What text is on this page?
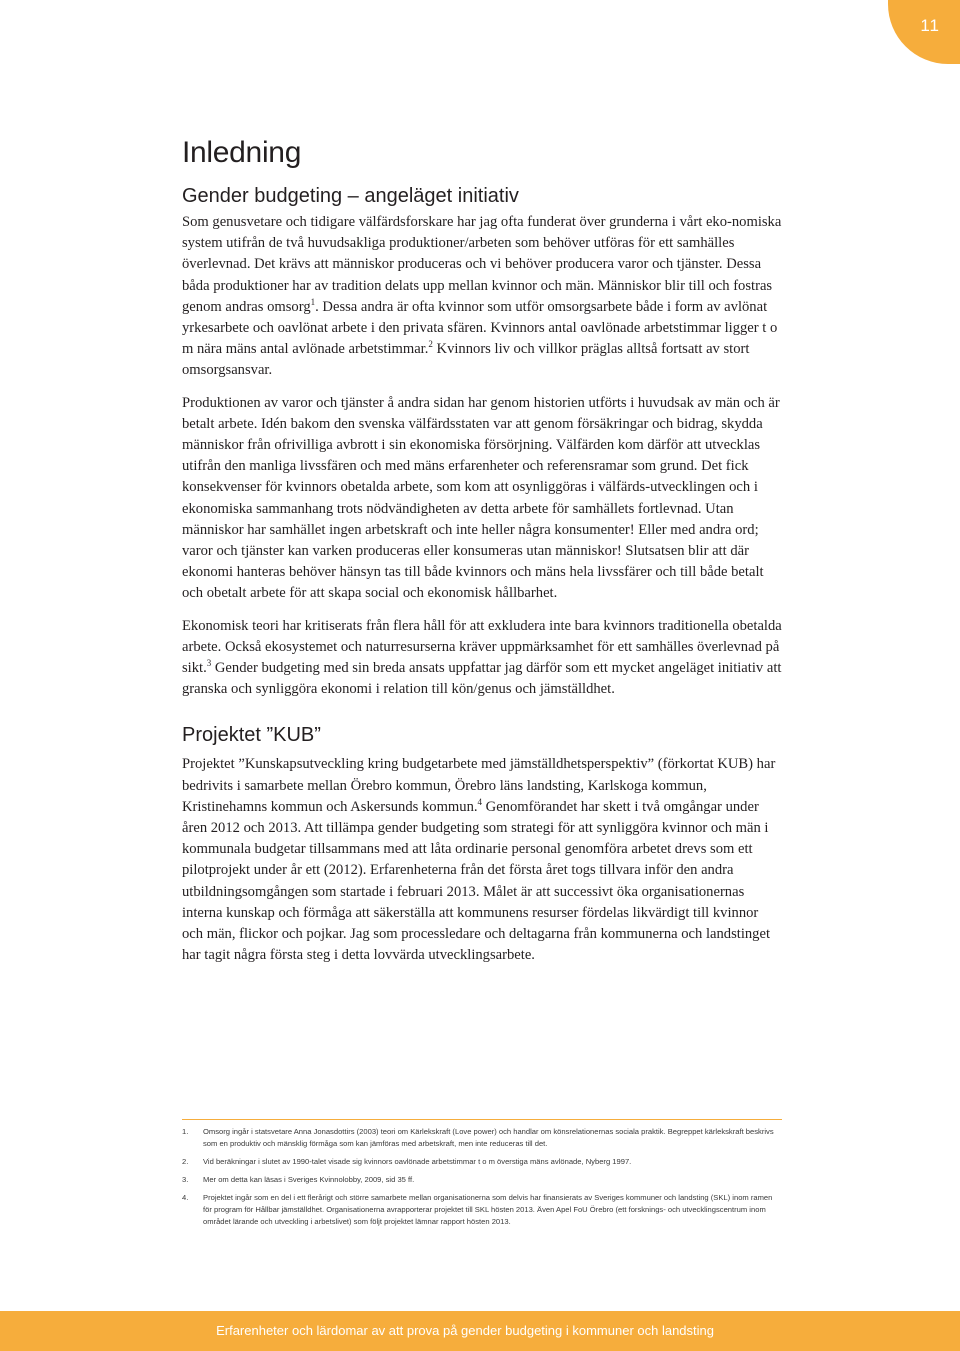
11
Inledning
Gender budgeting – angeläget initiativ

Som genusvetare och tidigare välfärdsforskare har jag ofta funderat över grunderna i vårt eko-nomiska system utifrån de två huvudsakliga produktioner/arbeten som behöver utföras för ett samhälles överlevnad. Det krävs att människor produceras och vi behöver producera varor och tjänster. Dessa båda produktioner har av tradition delats upp mellan kvinnor och män. Människor blir till och fostras genom andras omsorg$^1$. Dessa andra är ofta kvinnor som utför omsorgsarbete både i form av avlönat yrkesarbete och oavlönat arbete i den privata sfären. Kvinnors antal oavlönade arbetstimmar ligger t o m nära mäns antal avlönade arbetstimmar.$^2$ Kvinnors liv och villkor präglas alltså fortsatt av stort omsorgsansvar.

Produktionen av varor och tjänster å andra sidan har genom historien utförts i huvudsak av män och är betalt arbete. Idén bakom den svenska välfärdsstaten var att genom försäkringar och bidrag, skydda människor från ofrivilliga avbrott i sin ekonomiska försörjning. Välfärden kom därför att utvecklas utifrån den manliga livssfären och med mäns erfarenheter och referensramar som grund. Det fick konsekvenser för kvinnors obetalda arbete, som kom att osynliggöras i välfärds-utvecklingen och i ekonomiska sammanhang trots nödvändigheten av detta arbete för samhällets fortlevnad. Utan människor har samhället ingen arbetskraft och inte heller några konsumenter! Eller med andra ord; varor och tjänster kan varken produceras eller konsumeras utan människor! Slutsatsen blir att där ekonomi hanteras behöver hänsyn tas till både kvinnors och mäns hela livssfärer och till både betalt och obetalt arbete för att skapa social och ekonomisk hållbarhet.

Ekonomisk teori har kritiserats från flera håll för att exkludera inte bara kvinnors traditionella obetalda arbete. Också ekosystemet och naturresurserna kräver uppmärksamhet för ett samhälles överlevnad på sikt.$^3$ Gender budgeting med sin breda ansats uppfattar jag därför som ett mycket angeläget initiativ att granska och synliggöra ekonomi i relation till kön/genus och jämställdhet.

Projektet ”KUB”

Projektet ”Kunskapsutveckling kring budgetarbete med jämställdhetsperspektiv” (förkortat KUB) har bedrivits i samarbete mellan Örebro kommun, Örebro läns landsting, Karlskoga kommun, Kristinehamns kommun och Askersunds kommun.$^4$ Genomförandet har skett i två omgångar under åren 2012 och 2013. Att tillämpa gender budgeting som strategi för att synliggöra kvinnor och män i kommunala budgetar tillsammans med att låta ordinarie personal genomföra arbetet drevs som ett pilotprojekt under år ett (2012). Erfarenheterna från det första året togs tillvara inför den andra utbildningsomgången som startade i februari 2013. Målet är att successivt öka organisationernas interna kunskap och förmåga att säkerställa att kommunens resurser fördelas likvärdigt till kvinnor och män, flickor och pojkar. Jag som processledare och deltagarna från kommunerna och landstinget har tagit några första steg i detta lovvärda utvecklingsarbete.

1.	Omsorg ingår i statsvetare Anna Jonasdottirs (2003) teori om Kärlekskraft (Love power) och handlar om könsrelationernas sociala praktik. Begreppet kärlekskraft beskrivs som en produktiv och mänsklig förmåga som kan jämföras med arbetskraft, men inte reduceras till det.
2.	Vid beräkningar i slutet av 1990-talet visade sig kvinnors oavlönade arbetstimmar t o m överstiga mäns avlönade, Nyberg 1997.
3.	Mer om detta kan läsas i Sveriges Kvinnolobby, 2009, sid 35 ff.
4.	Projektet ingår som en del i ett flerårigt och större samarbete mellan organisationerna som delvis har finansierats av Sveriges kommuner och landsting (SKL) inom ramen för program för Hållbar jämställdhet. Organisationerna avrapporterar projektet till SKL hösten 2013. Även Apel FoU Örebro (ett forsknings- och utvecklingscentrum inom området lärande och utveckling i arbetslivet) som följt projektet lämnar rapport hösten 2013.
Erfarenheter och lärdomar av att prova på gender budgeting i kommuner och landsting
